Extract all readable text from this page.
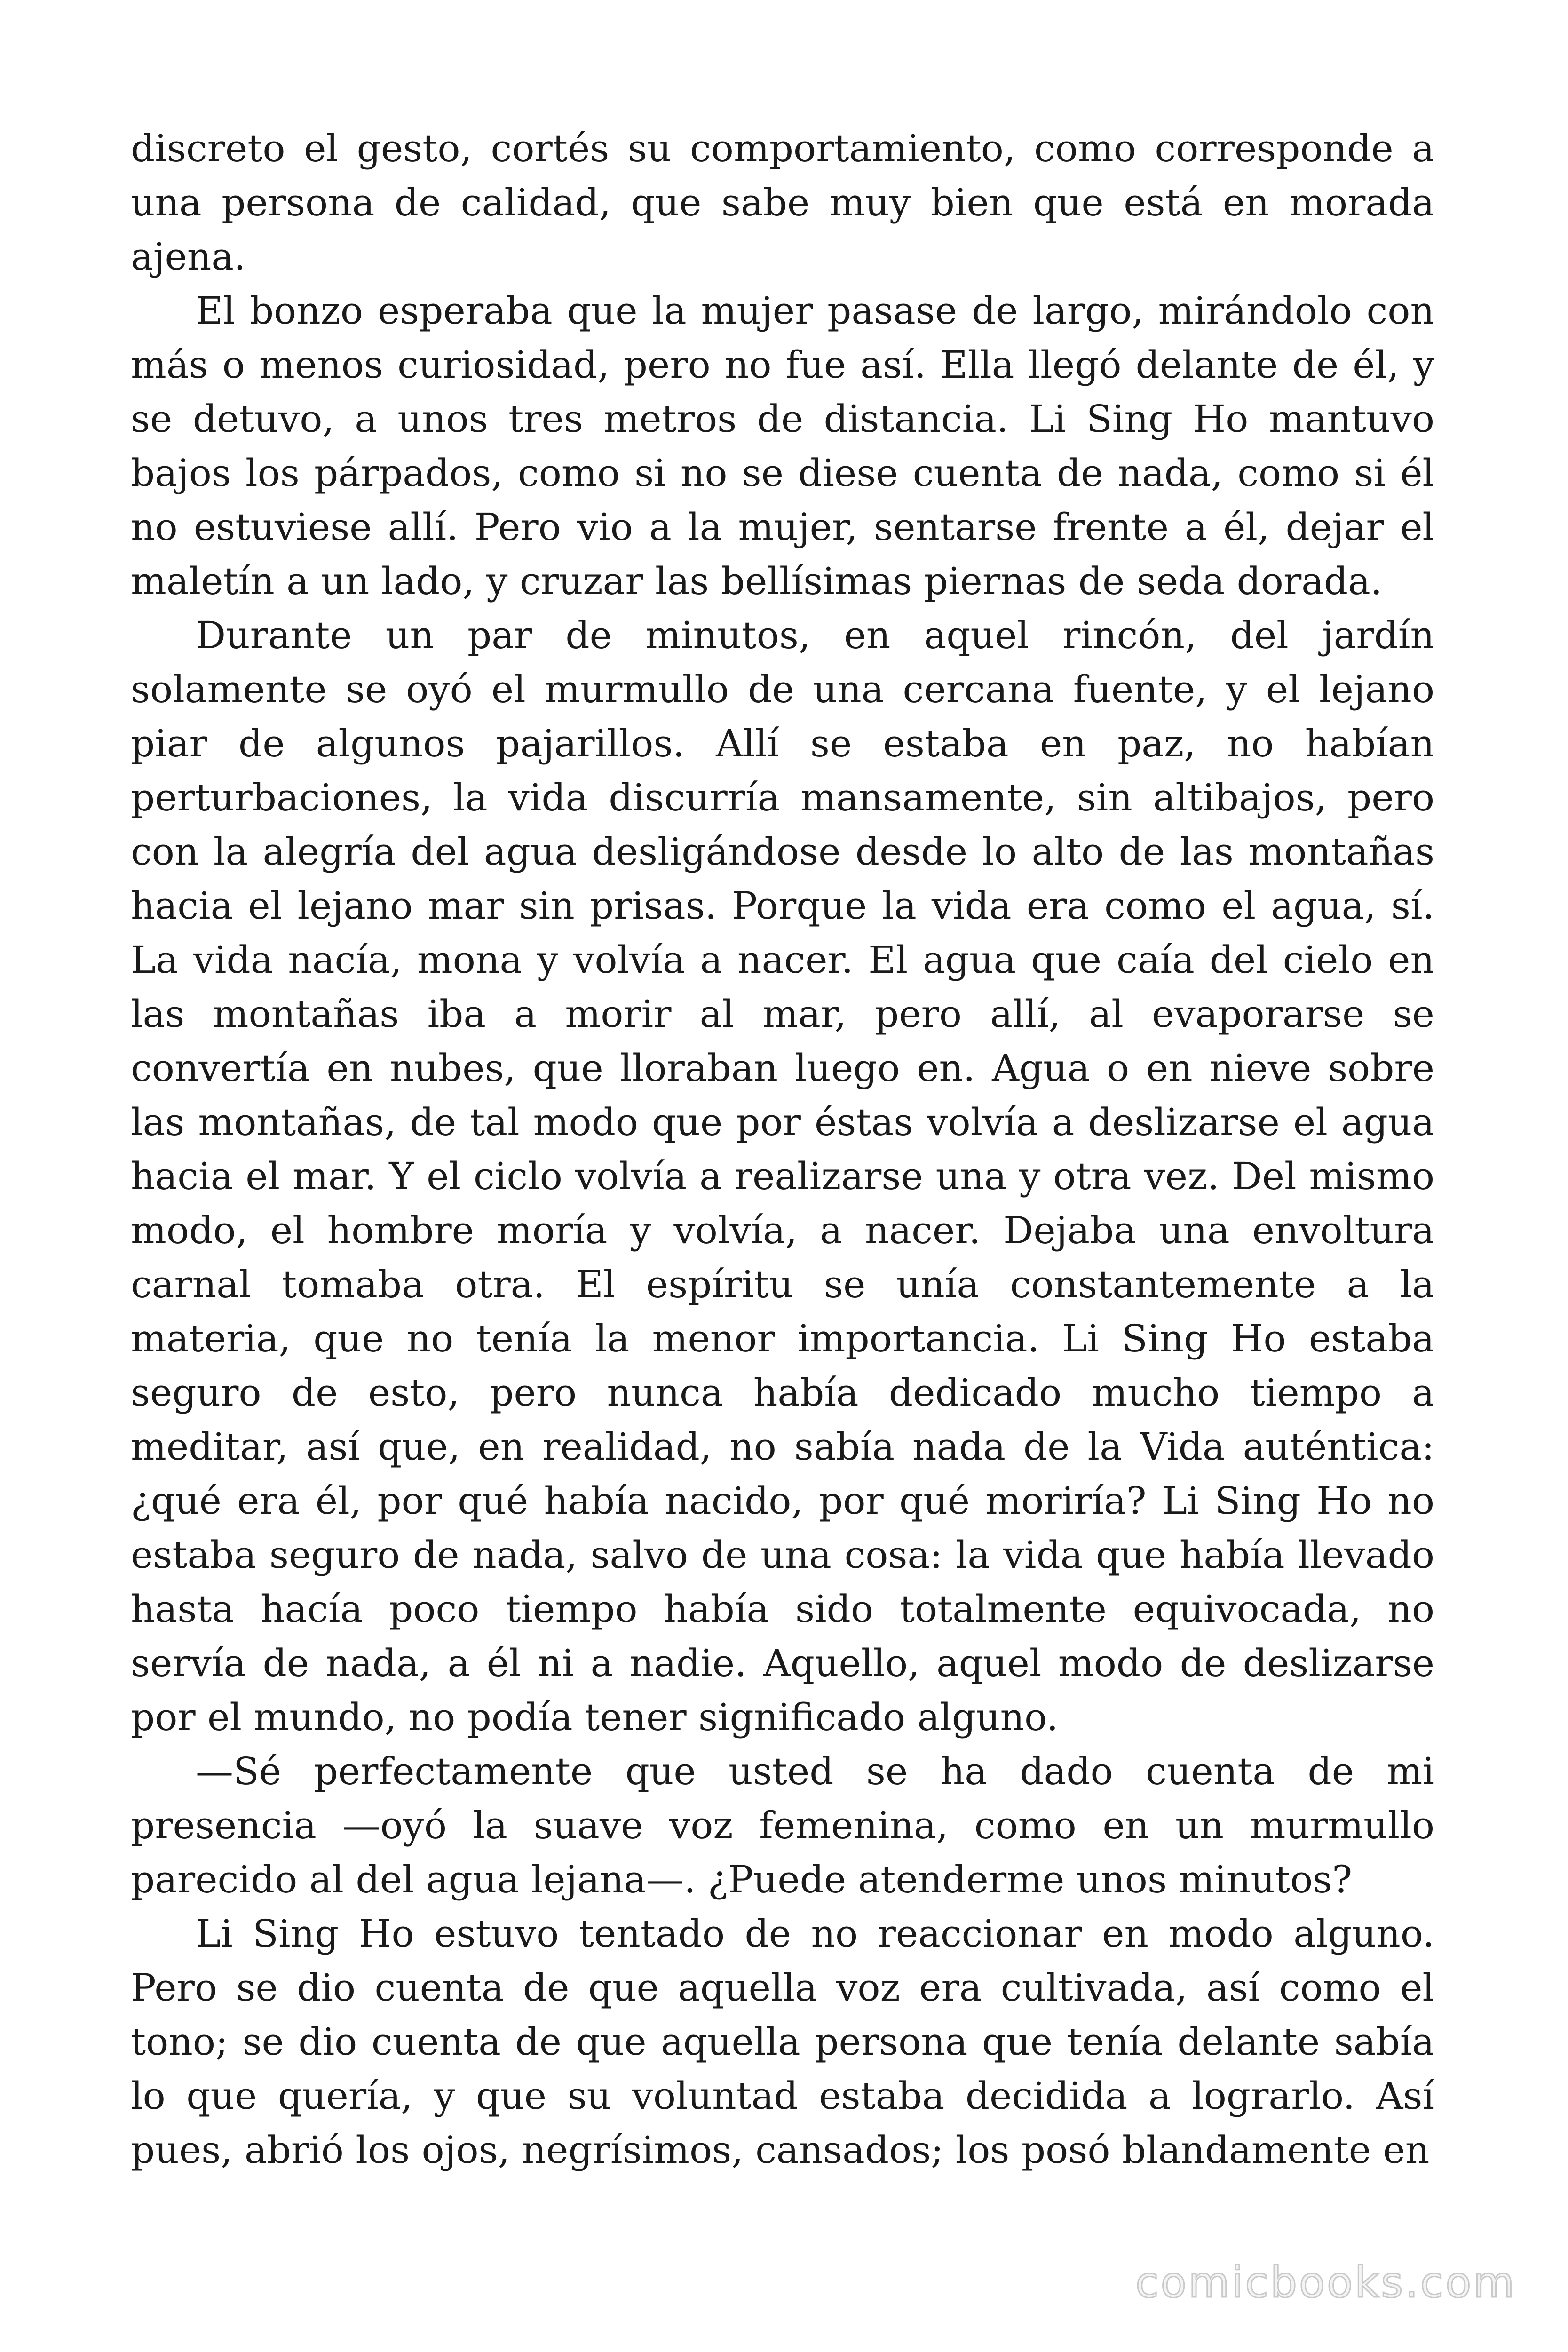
discreto el gesto, cortés su comportamiento, como corresponde a una persona de calidad, que sabe muy bien que está en morada ajena.

El bonzo esperaba que la mujer pasase de largo, mirándolo con más o menos curiosidad, pero no fue así. Ella llegó delante de él, y se detuvo, a unos tres metros de distancia. Li Sing Ho mantuvo bajos los párpados, como si no se diese cuenta de nada, como si él no estuviese allí. Pero vio a la mujer, sentarse frente a él, dejar el maletín a un lado, y cruzar las bellísimas piernas de seda dorada.

Durante un par de minutos, en aquel rincón, del jardín solamente se oyó el murmullo de una cercana fuente, y el lejano piar de algunos pajarillos. Allí se estaba en paz, no habían perturbaciones, la vida discurría mansamente, sin altibajos, pero con la alegría del agua desligándose desde lo alto de las montañas hacia el lejano mar sin prisas. Porque la vida era como el agua, sí. La vida nacía, mona y volvía a nacer. El agua que caía del cielo en las montañas iba a morir al mar, pero allí, al evaporarse se convertía en nubes, que lloraban luego en. Agua o en nieve sobre las montañas, de tal modo que por éstas volvía a deslizarse el agua hacia el mar. Y el ciclo volvía a realizarse una y otra vez. Del mismo modo, el hombre moría y volvía, a nacer. Dejaba una envoltura carnal tomaba otra. El espíritu se unía constantemente a la materia, que no tenía la menor importancia. Li Sing Ho estaba seguro de esto, pero nunca había dedicado mucho tiempo a meditar, así que, en realidad, no sabía nada de la Vida auténtica: ¿qué era él, por qué había nacido, por qué moriría? Li Sing Ho no estaba seguro de nada, salvo de una cosa: la vida que había llevado hasta hacía poco tiempo había sido totalmente equivocada, no servía de nada, a él ni a nadie. Aquello, aquel modo de deslizarse por el mundo, no podía tener significado alguno.

—Sé perfectamente que usted se ha dado cuenta de mi presencia —oyó la suave voz femenina, como en un murmullo parecido al del agua lejana—. ¿Puede atenderme unos minutos?

Li Sing Ho estuvo tentado de no reaccionar en modo alguno. Pero se dio cuenta de que aquella voz era cultivada, así como el tono; se dio cuenta de que aquella persona que tenía delante sabía lo que quería, y que su voluntad estaba decidida a lograrlo. Así pues, abrió los ojos, negrísimos, cansados; los posó blandamente en

comicbooks.com
